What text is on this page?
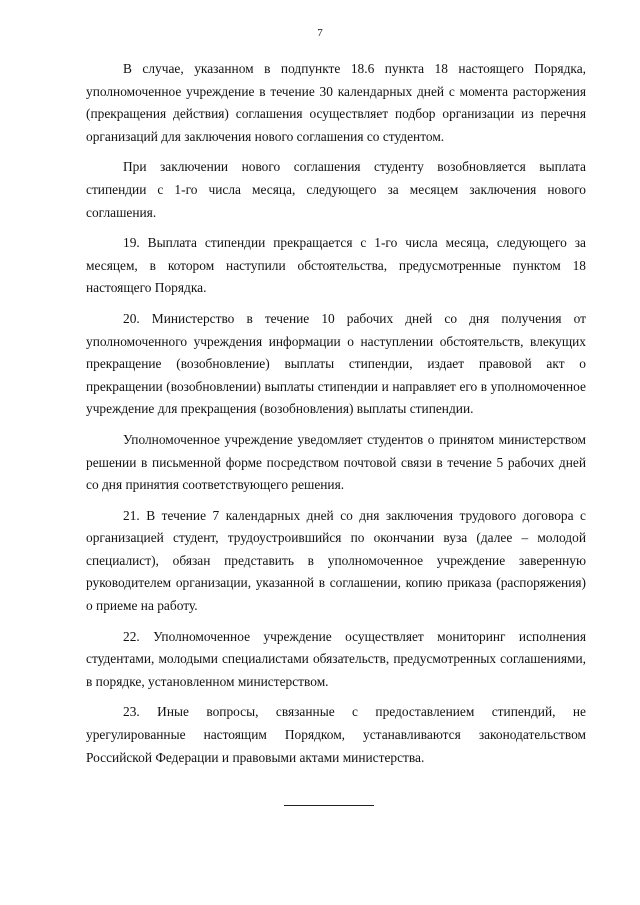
7

В случае, указанном в подпункте 18.6 пункта 18 настоящего Порядка, уполномоченное учреждение в течение 30 календарных дней с момента расторжения (прекращения действия) соглашения осуществляет подбор организации из перечня организаций для заключения нового соглашения со студентом.

При заключении нового соглашения студенту возобновляется выплата стипендии с 1-го числа месяца, следующего за месяцем заключения нового соглашения.

19. Выплата стипендии прекращается с 1-го числа месяца, следующего за месяцем, в котором наступили обстоятельства, предусмотренные пунктом 18 настоящего Порядка.

20. Министерство в течение 10 рабочих дней со дня получения от уполномоченного учреждения информации о наступлении обстоятельств, влекущих прекращение (возобновление) выплаты стипендии, издает правовой акт о прекращении (возобновлении) выплаты стипендии и направляет его в уполномоченное учреждение для прекращения (возобновления) выплаты стипендии.

Уполномоченное учреждение уведомляет студентов о принятом министерством решении в письменной форме посредством почтовой связи в течение 5 рабочих дней со дня принятия соответствующего решения.

21. В течение 7 календарных дней со дня заключения трудового договора с организацией студент, трудоустроившийся по окончании вуза (далее – молодой специалист), обязан представить в уполномоченное учреждение заверенную руководителем организации, указанной в соглашении, копию приказа (распоряжения) о приеме на работу.

22. Уполномоченное учреждение осуществляет мониторинг исполнения студентами, молодыми специалистами обязательств, предусмотренных соглашениями, в порядке, установленном министерством.

23. Иные вопросы, связанные с предоставлением стипендий, не урегулированные настоящим Порядком, устанавливаются законодательством Российской Федерации и правовыми актами министерства.
